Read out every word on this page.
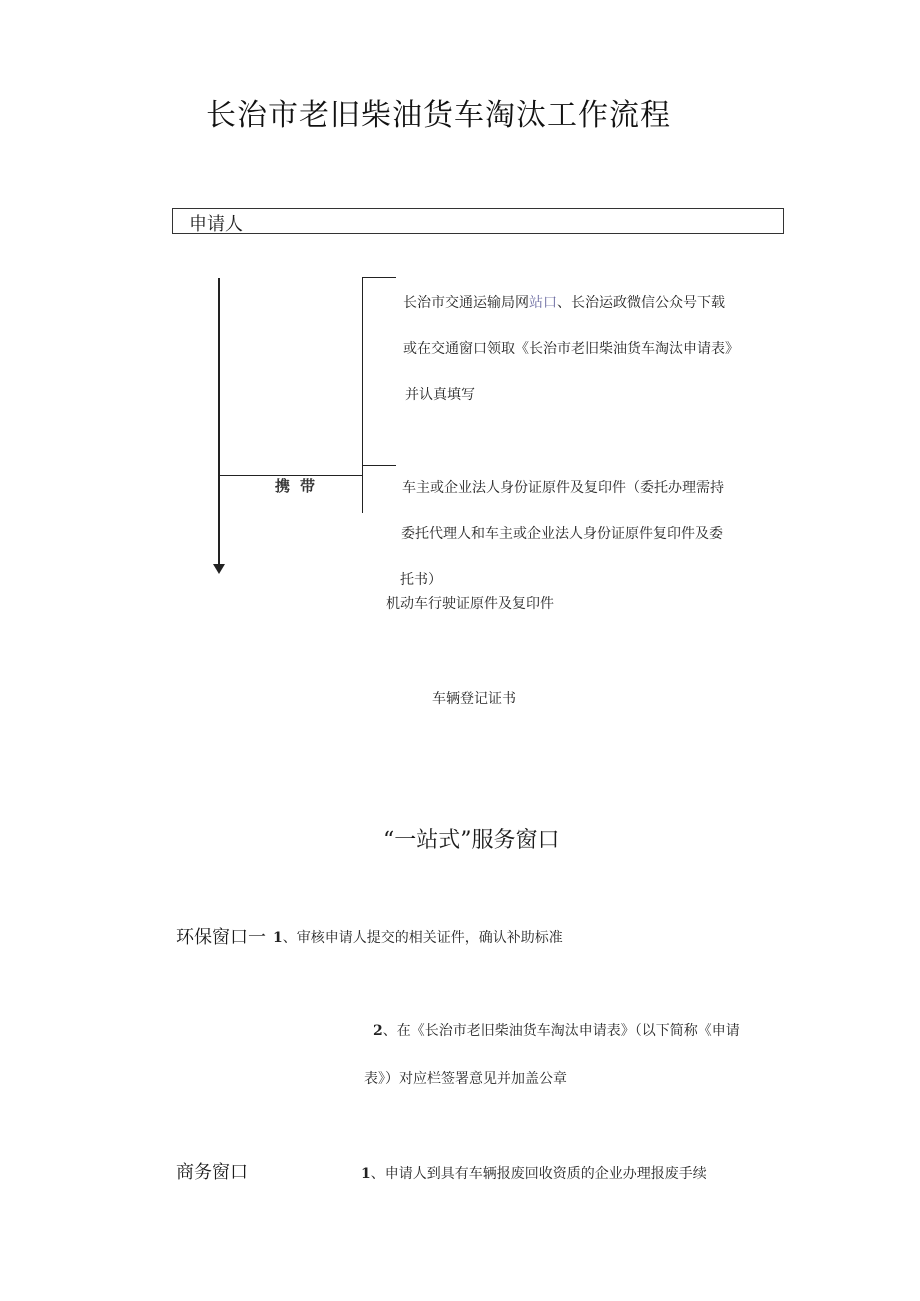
长治市老旧柴油货车淘汰工作流程
申请人
携带
长治市交通运输局网站口、长治运政微信公众号下载
或在交通窗口领取《长治市老旧柴油货车淘汰申请表》
并认真填写
车主或企业法人身份证原件及复印件（委托办理需持
委托代理人和车主或企业法人身份证原件复印件及委
托书）
机动车行驶证原件及复印件
车辆登记证书
“一站式”服务窗口
环保窗口一 1、审核申请人提交的相关证件，确认补助标准
2、在《长治市老旧柴油货车淘汰申请表》（以下简称《申请
表》）对应栏签署意见并加盖公章
商务窗口	1、申请人到具有车辆报废回收资质的企业办理报废手续
